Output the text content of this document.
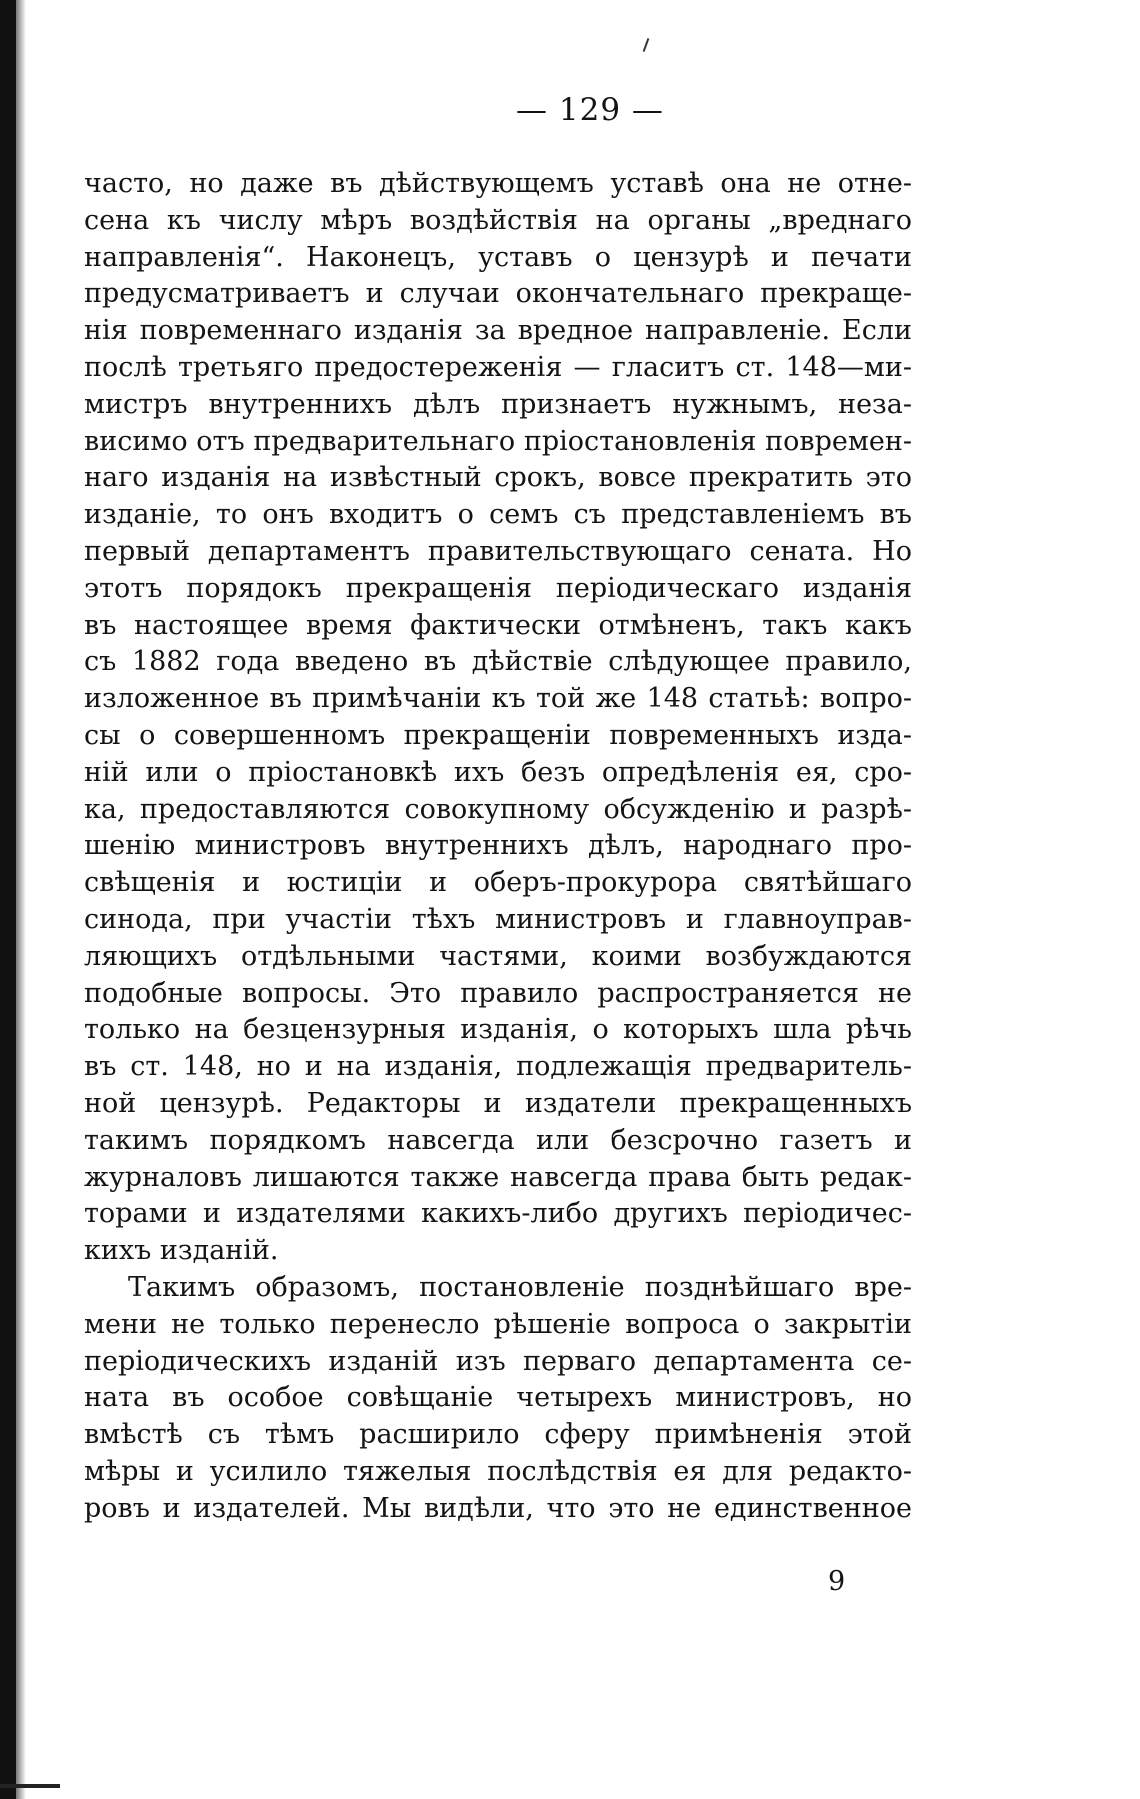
— 129 —
часто, но даже въ дѣйствующемъ уставѣ она не отне-
сена къ числу мѣръ воздѣйствія на органы „вреднаго
направленія“. Наконецъ, уставъ о цензурѣ и печати
предусматриваетъ и случаи окончательнаго прекраще-
нія повременнаго изданія за вредное направленіе. Если
послѣ третьяго предостереженія — гласитъ ст. 148—ми-
мистръ внутреннихъ дѣлъ признаетъ нужнымъ, неза-
висимо отъ предварительнаго пріостановленія повремен-
наго изданія на извѣстный срокъ, вовсе прекратить это
изданіе, то онъ входитъ о семъ съ представленіемъ въ
первый департаментъ правительствующаго сената. Но
этотъ порядокъ прекращенія періодическаго изданія
въ настоящее время фактически отмѣненъ, такъ какъ
съ 1882 года введено въ дѣйствіе слѣдующее правило,
изложенное въ примѣчаніи къ той же 148 статьѣ: вопро-
сы о совершенномъ прекращеніи повременныхъ изда-
ній или о пріостановкѣ ихъ безъ опредѣленія ея, сро-
ка, предоставляются совокупному обсужденію и разрѣ-
шенію министровъ внутреннихъ дѣлъ, народнаго про-
свѣщенія и юстиціи и оберъ-прокурора святѣйшаго
синода, при участіи тѣхъ министровъ и главноуправ-
ляющихъ отдѣльными частями, коими возбуждаются
подобные вопросы. Это правило распространяется не
только на безцензурныя изданія, о которыхъ шла рѣчь
въ ст. 148, но и на изданія, подлежащія предваритель-
ной цензурѣ. Редакторы и издатели прекращенныхъ
такимъ порядкомъ навсегда или безсрочно газетъ и
журналовъ лишаются также навсегда права быть редак-
торами и издателями какихъ-либо другихъ періодичес-
кихъ изданій.
Такимъ образомъ, постановленіе позднѣйшаго вре-
мени не только перенесло рѣшеніе вопроса о закрытіи
періодическихъ изданій изъ перваго департамента се-
ната въ особое совѣщаніе четырехъ министровъ, но
вмѣстѣ съ тѣмъ расширило сферу примѣненія этой
мѣры и усилило тяжелыя послѣдствія ея для редакто-
ровъ и издателей. Мы видѣли, что это не единственное
9
